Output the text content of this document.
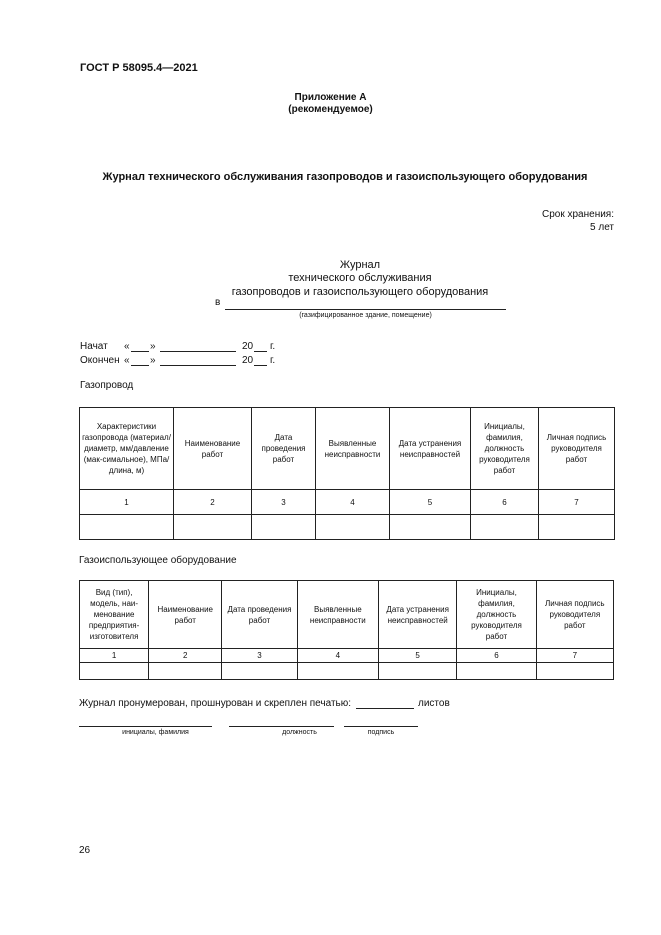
ГОСТ Р 58095.4—2021
Приложение А
(рекомендуемое)
Журнал технического обслуживания газопроводов и газоиспользующего оборудования
Срок хранения:
5 лет
Журнал
технического обслуживания
газопроводов и газоиспользующего оборудования
в
(газифицированное здание, помещение)
Начат « »	20 г.
Окончен « »	20 г.
Газопровод
Характеристики газопровода (материал/диаметр, мм/давление (мак-симальное), МПа/длина, м)	Наименование работ	Дата проведения работ	Выявленные неисправности	Дата устранения неисправностей	Инициалы, фамилия, должность руководителя работ	Личная подпись руководителя работ
1	2	3	4	5	6	7

Газоиспользующее оборудование
Вид (тип), модель, наи-менование предприятия-изготовителя	Наименование работ	Дата проведения работ	Выявленные неисправности	Дата устранения неисправностей	Инициалы, фамилия, должность руководителя работ	Личная подпись руководителя работ
1	2	3	4	5	6	7

Журнал пронумерован, прошнурован и скреплен печатью:	листов
инициалы, фамилия	должность	подпись
26
